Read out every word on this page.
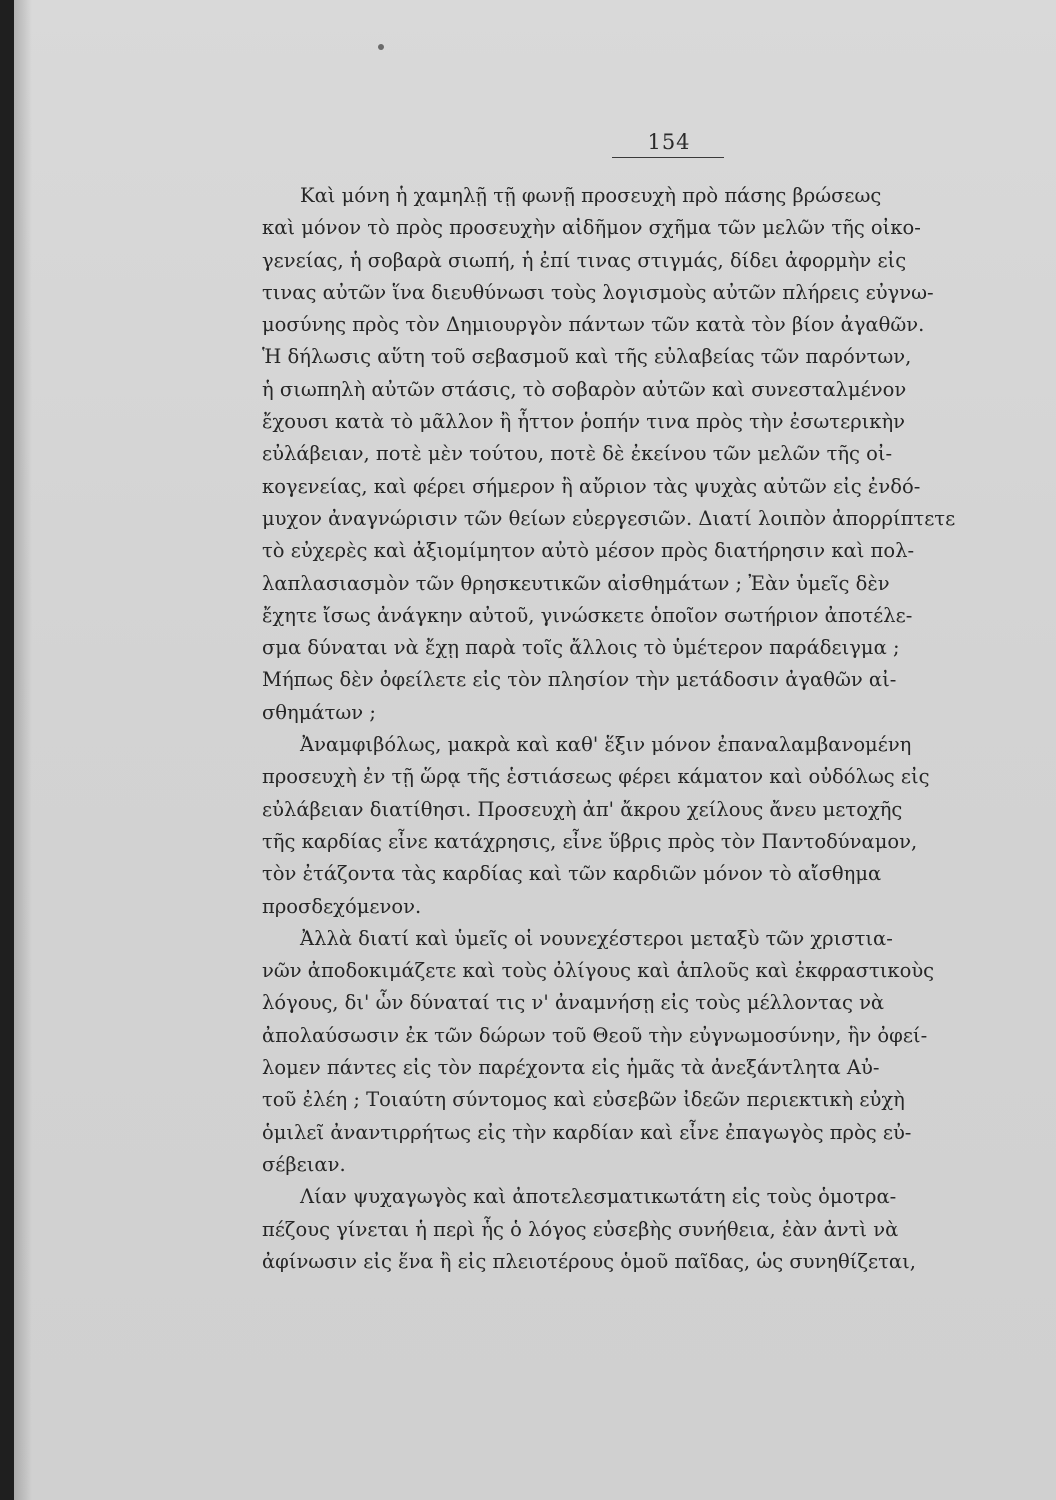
154
Καὶ μόνη ἡ χαμηλῇ τῇ φωνῇ προσευχὴ πρὸ πάσης βρώσεως
καὶ μόνον τὸ πρὸς προσευχὴν αἰδῆμον σχῆμα τῶν μελῶν τῆς οἰκο-
γενείας, ἡ σοβαρὰ σιωπή, ἡ ἐπί τινας στιγμάς, δίδει ἀφορμὴν εἰς
τινας αὐτῶν ἵνα διευθύνωσι τοὺς λογισμοὺς αὐτῶν πλήρεις εὐγνω-
μοσύνης πρὸς τὸν Δημιουργὸν πάντων τῶν κατὰ τὸν βίον ἀγαθῶν.
Ἡ δήλωσις αὕτη τοῦ σεβασμοῦ καὶ τῆς εὐλαβείας τῶν παρόντων,
ἡ σιωπηλὴ αὐτῶν στάσις, τὸ σοβαρὸν αὐτῶν καὶ συνεσταλμένον
ἔχουσι κατὰ τὸ μᾶλλον ἢ ἧττον ῥοπήν τινα πρὸς τὴν ἐσωτερικὴν
εὐλάβειαν, ποτὲ μὲν τούτου, ποτὲ δὲ ἐκείνου τῶν μελῶν τῆς οἰ-
κογενείας, καὶ φέρει σήμερον ἢ αὔριον τὰς ψυχὰς αὐτῶν εἰς ἐνδό-
μυχον ἀναγνώρισιν τῶν θείων εὐεργεσιῶν. Διατί λοιπὸν ἀπορρίπτετε
τὸ εὐχερὲς καὶ ἀξιομίμητον αὐτὸ μέσον πρὸς διατήρησιν καὶ πολ-
λαπλασιασμὸν τῶν θρησκευτικῶν αἰσθημάτων ; Ἐὰν ὑμεῖς δὲν
ἔχητε ἴσως ἀνάγκην αὐτοῦ, γινώσκετε ὁποῖον σωτήριον ἀποτέλε-
σμα δύναται νὰ ἔχῃ παρὰ τοῖς ἄλλοις τὸ ὑμέτερον παράδειγμα ;
Μήπως δὲν ὀφείλετε εἰς τὸν πλησίον τὴν μετάδοσιν ἀγαθῶν αἰ-
σθημάτων ;
Ἀναμφιβόλως, μακρὰ καὶ καθ' ἕξιν μόνον ἐπαναλαμβανομένη
προσευχὴ ἐν τῇ ὥρᾳ τῆς ἑστιάσεως φέρει κάματον καὶ οὐδόλως εἰς
εὐλάβειαν διατίθησι. Προσευχὴ ἀπ' ἄκρου χείλους ἄνευ μετοχῆς
τῆς καρδίας εἶνε κατάχρησις, εἶνε ὕβρις πρὸς τὸν Παντοδύναμον,
τὸν ἐτάζοντα τὰς καρδίας καὶ τῶν καρδιῶν μόνον τὸ αἴσθημα
προσδεχόμενον.
Ἀλλὰ διατί καὶ ὑμεῖς οἱ νουνεχέστεροι μεταξὺ τῶν χριστια-
νῶν ἀποδοκιμάζετε καὶ τοὺς ὀλίγους καὶ ἁπλοῦς καὶ ἐκφραστικοὺς
λόγους, δι' ὧν δύναταί τις ν' ἀναμνήσῃ εἰς τοὺς μέλλοντας νὰ
ἀπολαύσωσιν ἐκ τῶν δώρων τοῦ Θεοῦ τὴν εὐγνωμοσύνην, ἣν ὀφεί-
λομεν πάντες εἰς τὸν παρέχοντα εἰς ἡμᾶς τὰ ἀνεξάντλητα Αὐ-
τοῦ ἐλέη ; Τοιαύτη σύντομος καὶ εὐσεβῶν ἰδεῶν περιεκτικὴ εὐχὴ
ὁμιλεῖ ἀναντιρρήτως εἰς τὴν καρδίαν καὶ εἶνε ἐπαγωγὸς πρὸς εὐ-
σέβειαν.
Λίαν ψυχαγωγὸς καὶ ἀποτελεσματικωτάτη εἰς τοὺς ὁμοτρα-
πέζους γίνεται ἡ περὶ ἧς ὁ λόγος εὐσεβὴς συνήθεια, ἐὰν ἀντὶ νὰ
ἀφίνωσιν εἰς ἕνα ἢ εἰς πλειοτέρους ὁμοῦ παῖδας, ὡς συνηθίζεται,
